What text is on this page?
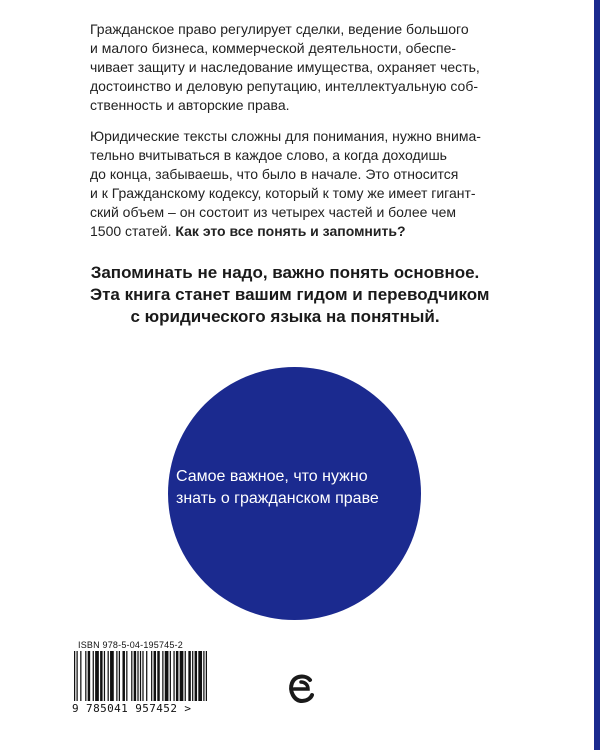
Гражданское право регулирует сделки, ведение большого
и малого бизнеса, коммерческой деятельности, обеспе-
чивает защиту и наследование имущества, охраняет честь,
достоинство и деловую репутацию, интеллектуальную соб-
ственность и авторские права.
Юридические тексты сложны для понимания, нужно внима-
тельно вчитываться в каждое слово, а когда доходишь
до конца, забываешь, что было в начале. Это относится
и к Гражданскому кодексу, который к тому же имеет гигант-
ский объем – он состоит из четырех частей и более чем
1500 статей. Как это все понять и запомнить?
Запоминать не надо, важно понять основное.
Эта книга станет вашим гидом и переводчиком
с юридического языка на понятный.
Самое важное, что нужно
знать о гражданском праве
ISBN 978-5-04-195745-2
9 785041 957452 >
